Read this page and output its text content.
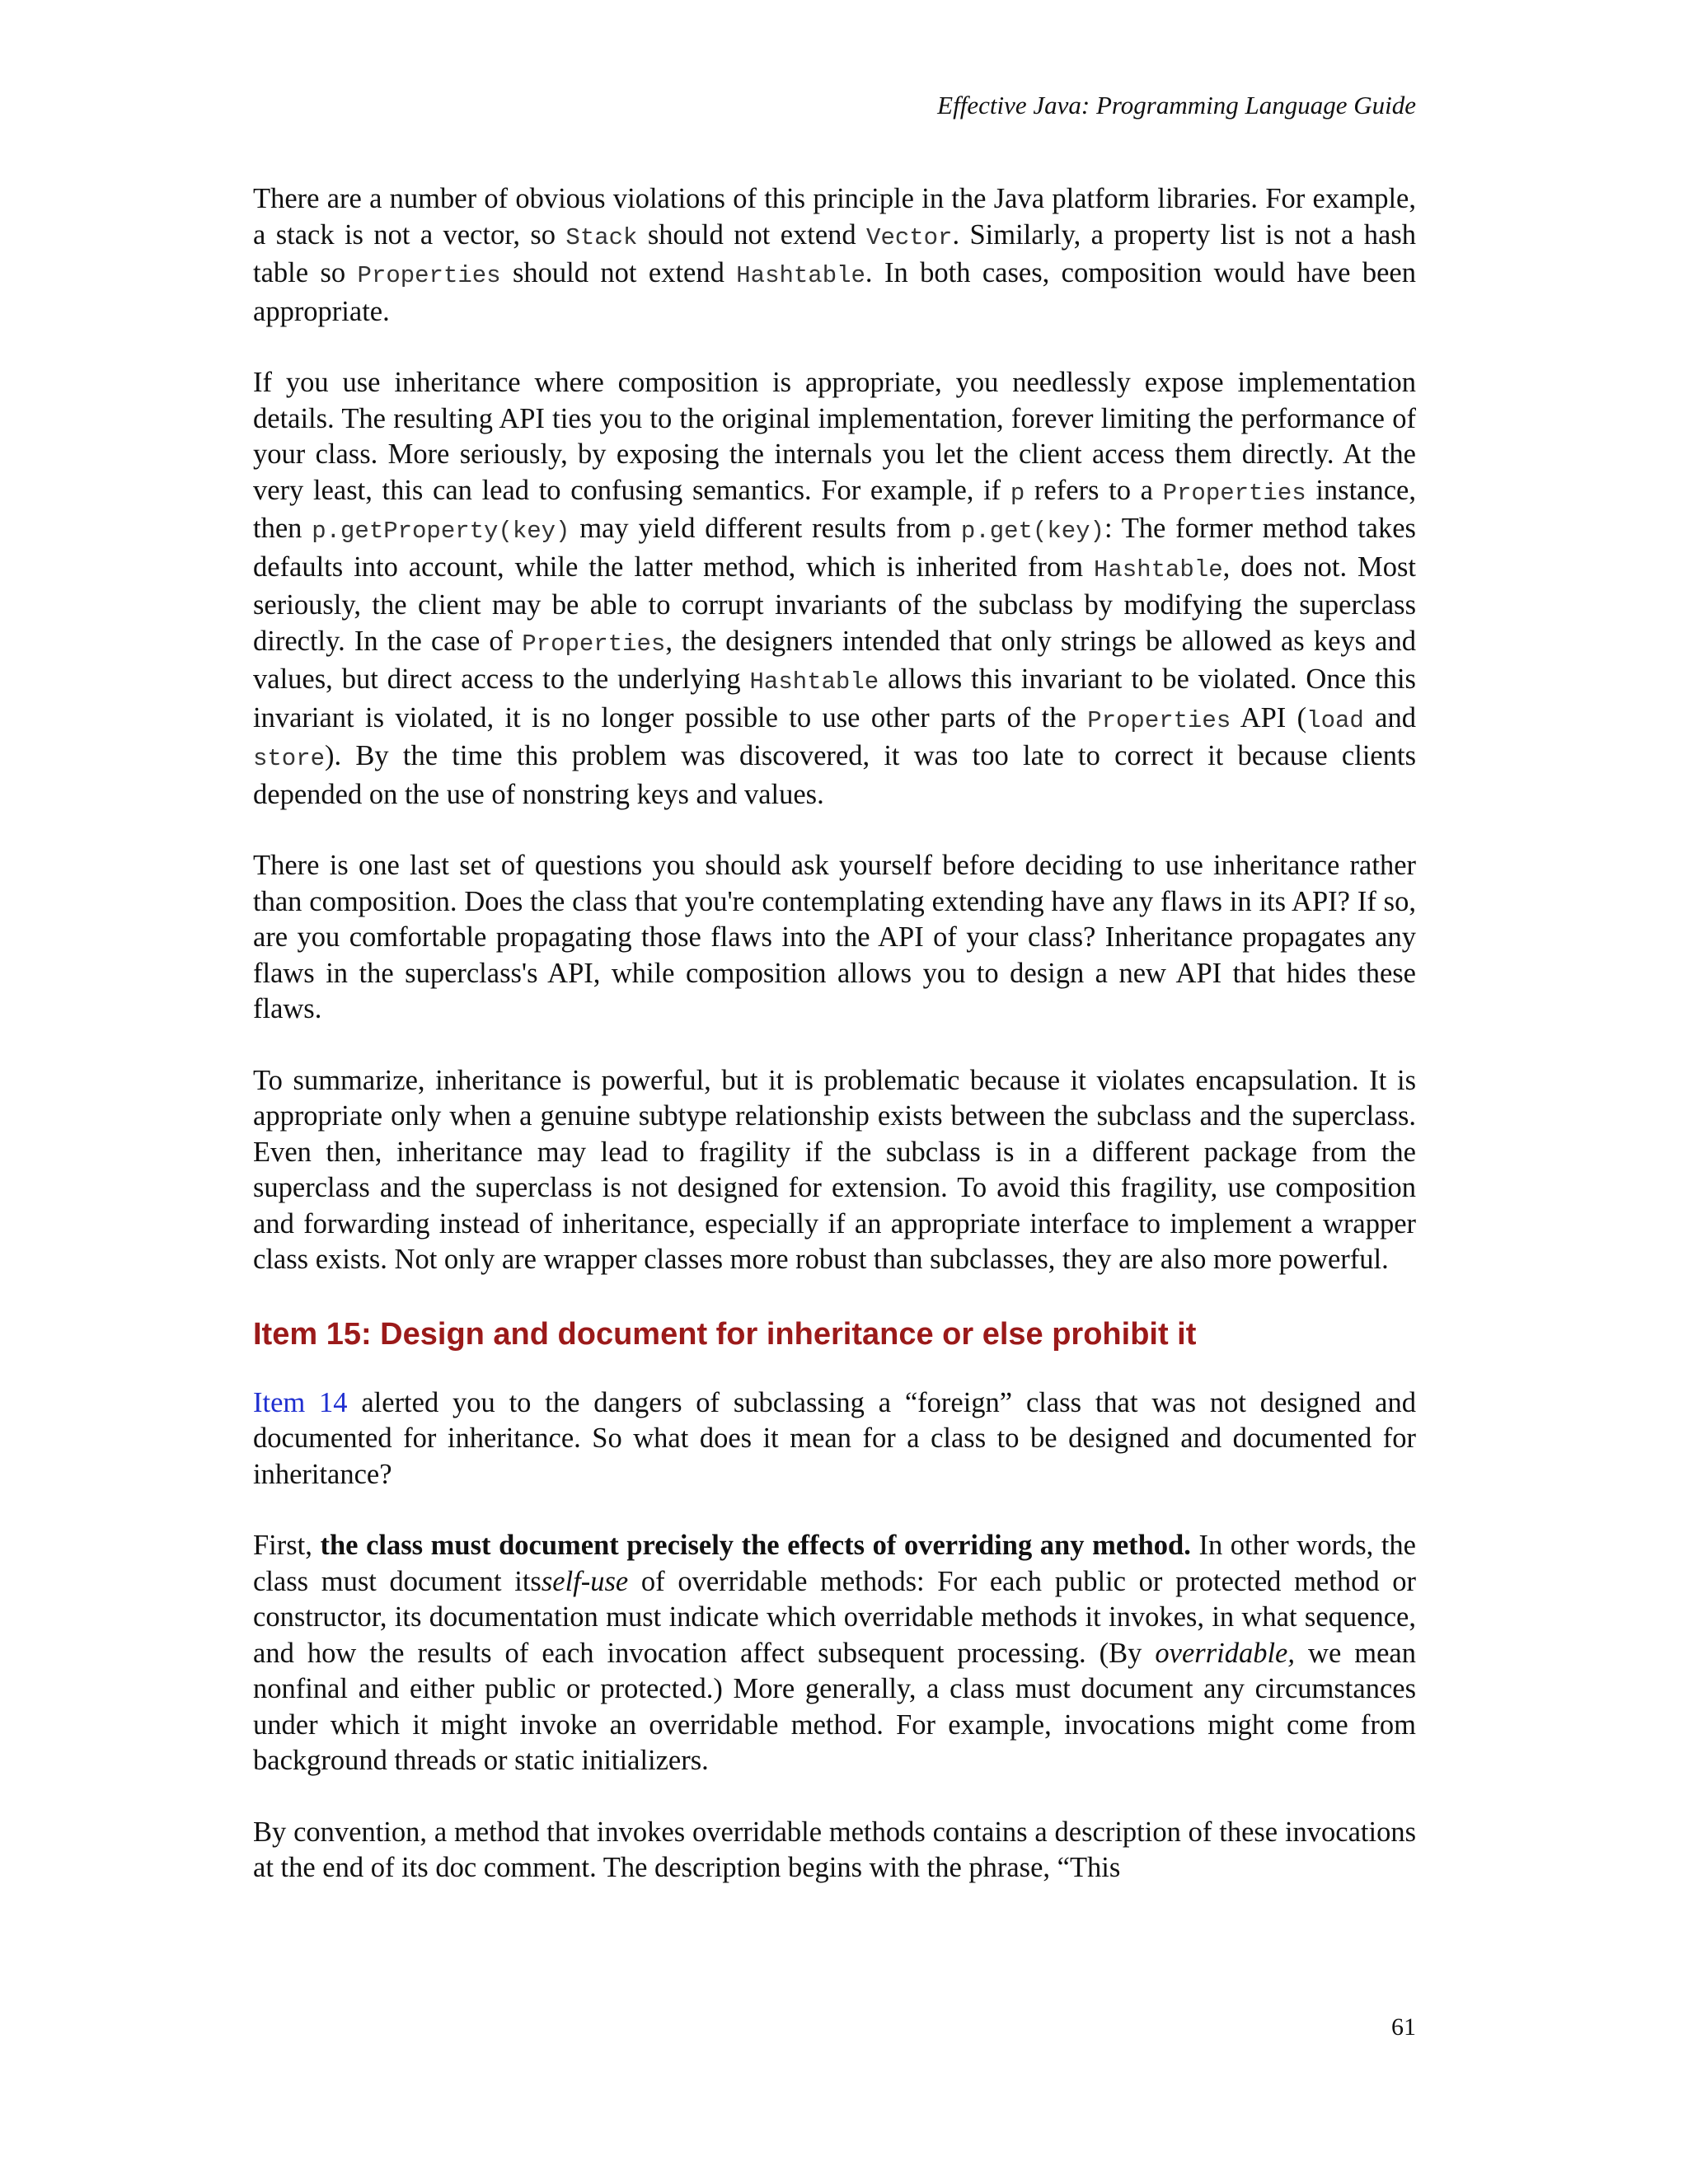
Effective Java: Programming Language Guide

There are a number of obvious violations of this principle in the Java platform libraries. For example, a stack is not a vector, so Stack should not extend Vector. Similarly, a property list is not a hash table so Properties should not extend Hashtable. In both cases, composition would have been appropriate.

If you use inheritance where composition is appropriate, you needlessly expose implementation details. The resulting API ties you to the original implementation, forever limiting the performance of your class. More seriously, by exposing the internals you let the client access them directly. At the very least, this can lead to confusing semantics. For example, if p refers to a Properties instance, then p.getProperty(key) may yield different results from p.get(key): The former method takes defaults into account, while the latter method, which is inherited from Hashtable, does not. Most seriously, the client may be able to corrupt invariants of the subclass by modifying the superclass directly. In the case of Properties, the designers intended that only strings be allowed as keys and values, but direct access to the underlying Hashtable allows this invariant to be violated. Once this invariant is violated, it is no longer possible to use other parts of the Properties API (load and store). By the time this problem was discovered, it was too late to correct it because clients depended on the use of nonstring keys and values.

There is one last set of questions you should ask yourself before deciding to use inheritance rather than composition. Does the class that you're contemplating extending have any flaws in its API? If so, are you comfortable propagating those flaws into the API of your class? Inheritance propagates any flaws in the superclass's API, while composition allows you to design a new API that hides these flaws.

To summarize, inheritance is powerful, but it is problematic because it violates encapsulation. It is appropriate only when a genuine subtype relationship exists between the subclass and the superclass. Even then, inheritance may lead to fragility if the subclass is in a different package from the superclass and the superclass is not designed for extension. To avoid this fragility, use composition and forwarding instead of inheritance, especially if an appropriate interface to implement a wrapper class exists. Not only are wrapper classes more robust than subclasses, they are also more powerful.

Item 15: Design and document for inheritance or else prohibit it

Item 14 alerted you to the dangers of subclassing a “foreign” class that was not designed and documented for inheritance. So what does it mean for a class to be designed and documented for inheritance?

First, the class must document precisely the effects of overriding any method. In other words, the class must document itsself-use of overridable methods: For each public or protected method or constructor, its documentation must indicate which overridable methods it invokes, in what sequence, and how the results of each invocation affect subsequent processing. (By overridable, we mean nonfinal and either public or protected.) More generally, a class must document any circumstances under which it might invoke an overridable method. For example, invocations might come from background threads or static initializers.

By convention, a method that invokes overridable methods contains a description of these invocations at the end of its doc comment. The description begins with the phrase, “This

61
